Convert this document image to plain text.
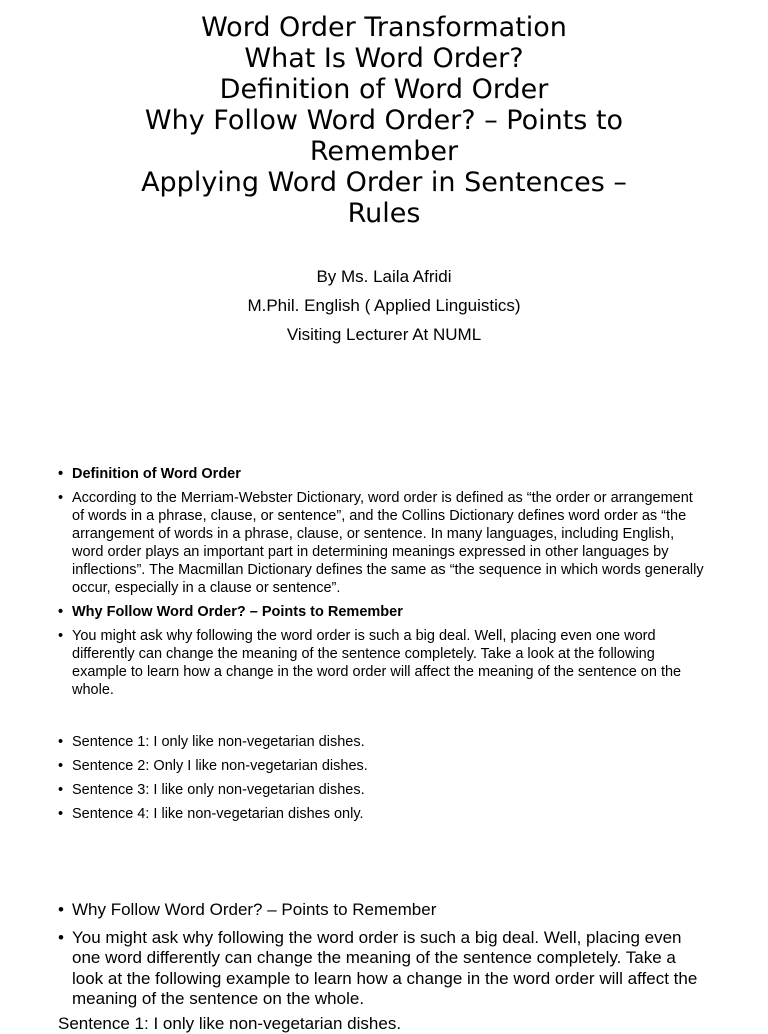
Word Order Transformation
What Is Word Order?
Definition of Word Order
Why Follow Word Order? – Points to
Remember
Applying Word Order in Sentences –
Rules
By Ms. Laila Afridi
M.Phil. English ( Applied Linguistics)
Visiting Lecturer At NUML
• Definition of Word Order
• According to the Merriam-Webster Dictionary, word order is defined as “the order or arrangement of words in a phrase, clause, or sentence”, and the Collins Dictionary defines word order as “the arrangement of words in a phrase, clause, or sentence. In many languages, including English, word order plays an important part in determining meanings expressed in other languages by inflections”. The Macmillan Dictionary defines the same as “the sequence in which words generally occur, especially in a clause or sentence”.
• Why Follow Word Order? – Points to Remember
• You might ask why following the word order is such a big deal. Well, placing even one word differently can change the meaning of the sentence completely. Take a look at the following example to learn how a change in the word order will affect the meaning of the sentence on the whole.
• Sentence 1: I only like non-vegetarian dishes.
• Sentence 2: Only I like non-vegetarian dishes.
• Sentence 3: I like only non-vegetarian dishes.
• Sentence 4: I like non-vegetarian dishes only.
• Why Follow Word Order? – Points to Remember
• You might ask why following the word order is such a big deal. Well, placing even one word differently can change the meaning of the sentence completely. Take a look at the following example to learn how a change in the word order will affect the meaning of the sentence on the whole.
Sentence 1: I only like non-vegetarian dishes.
